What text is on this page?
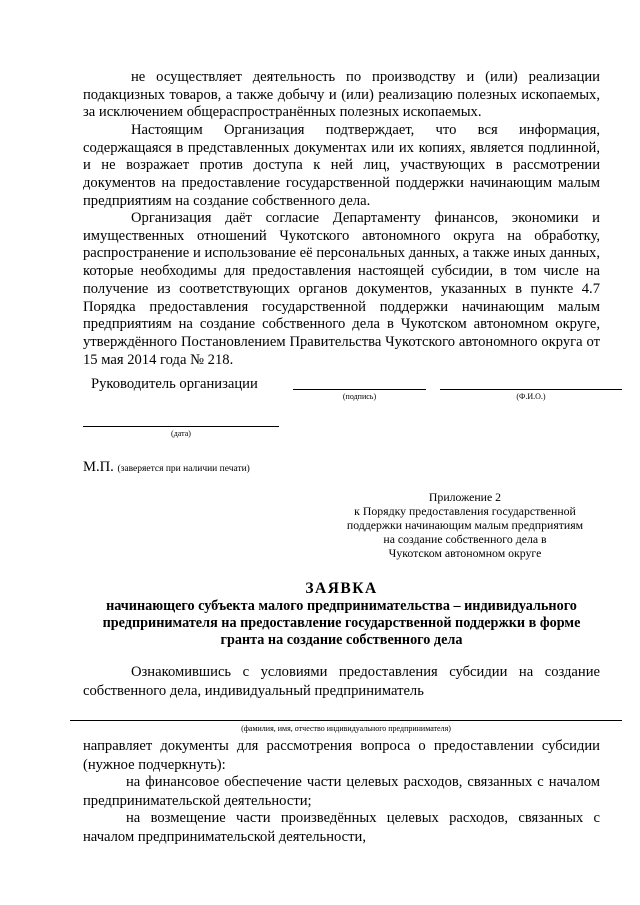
не осуществляет деятельность по производству и (или) реализации подакцизных товаров, а также добычу и (или) реализацию полезных ископаемых, за исключением общераспространённых полезных ископаемых.

Настоящим Организация подтверждает, что вся информация, содержащаяся в представленных документах или их копиях, является подлинной, и не возражает против доступа к ней лиц, участвующих в рассмотрении документов на предоставление государственной поддержки начинающим малым предприятиям на создание собственного дела.

Организация даёт согласие Департаменту финансов, экономики и имущественных отношений Чукотского автономного округа на обработку, распространение и использование её персональных данных, а также иных данных, которые необходимы для предоставления настоящей субсидии, в том числе на получение из соответствующих органов документов, указанных в пункте 4.7 Порядка предоставления государственной поддержки начинающим малым предприятиям на создание собственного дела в Чукотском автономном округе, утверждённого Постановлением Правительства Чукотского автономного округа от 15 мая 2014 года № 218.

Руководитель организации
(подпись)	(Ф.И.О.)
(дата)
М.П. (заверяется при наличии печати)
Приложение 2
к Порядку предоставления государственной
поддержки начинающим малым предприятиям
на создание собственного дела в
Чукотском автономном округе
ЗАЯВКА
начинающего субъекта малого предпринимательства – индивидуального
предпринимателя на предоставление государственной поддержки в форме
гранта на создание собственного дела

Ознакомившись с условиями предоставления субсидии на создание собственного дела, индивидуальный предприниматель

(фамилия, имя, отчество индивидуального предпринимателя)

направляет документы для рассмотрения вопроса о предоставлении субсидии (нужное подчеркнуть):

на финансовое обеспечение части целевых расходов, связанных с началом предпринимательской деятельности;

на возмещение части произведённых целевых расходов, связанных с началом предпринимательской деятельности,
